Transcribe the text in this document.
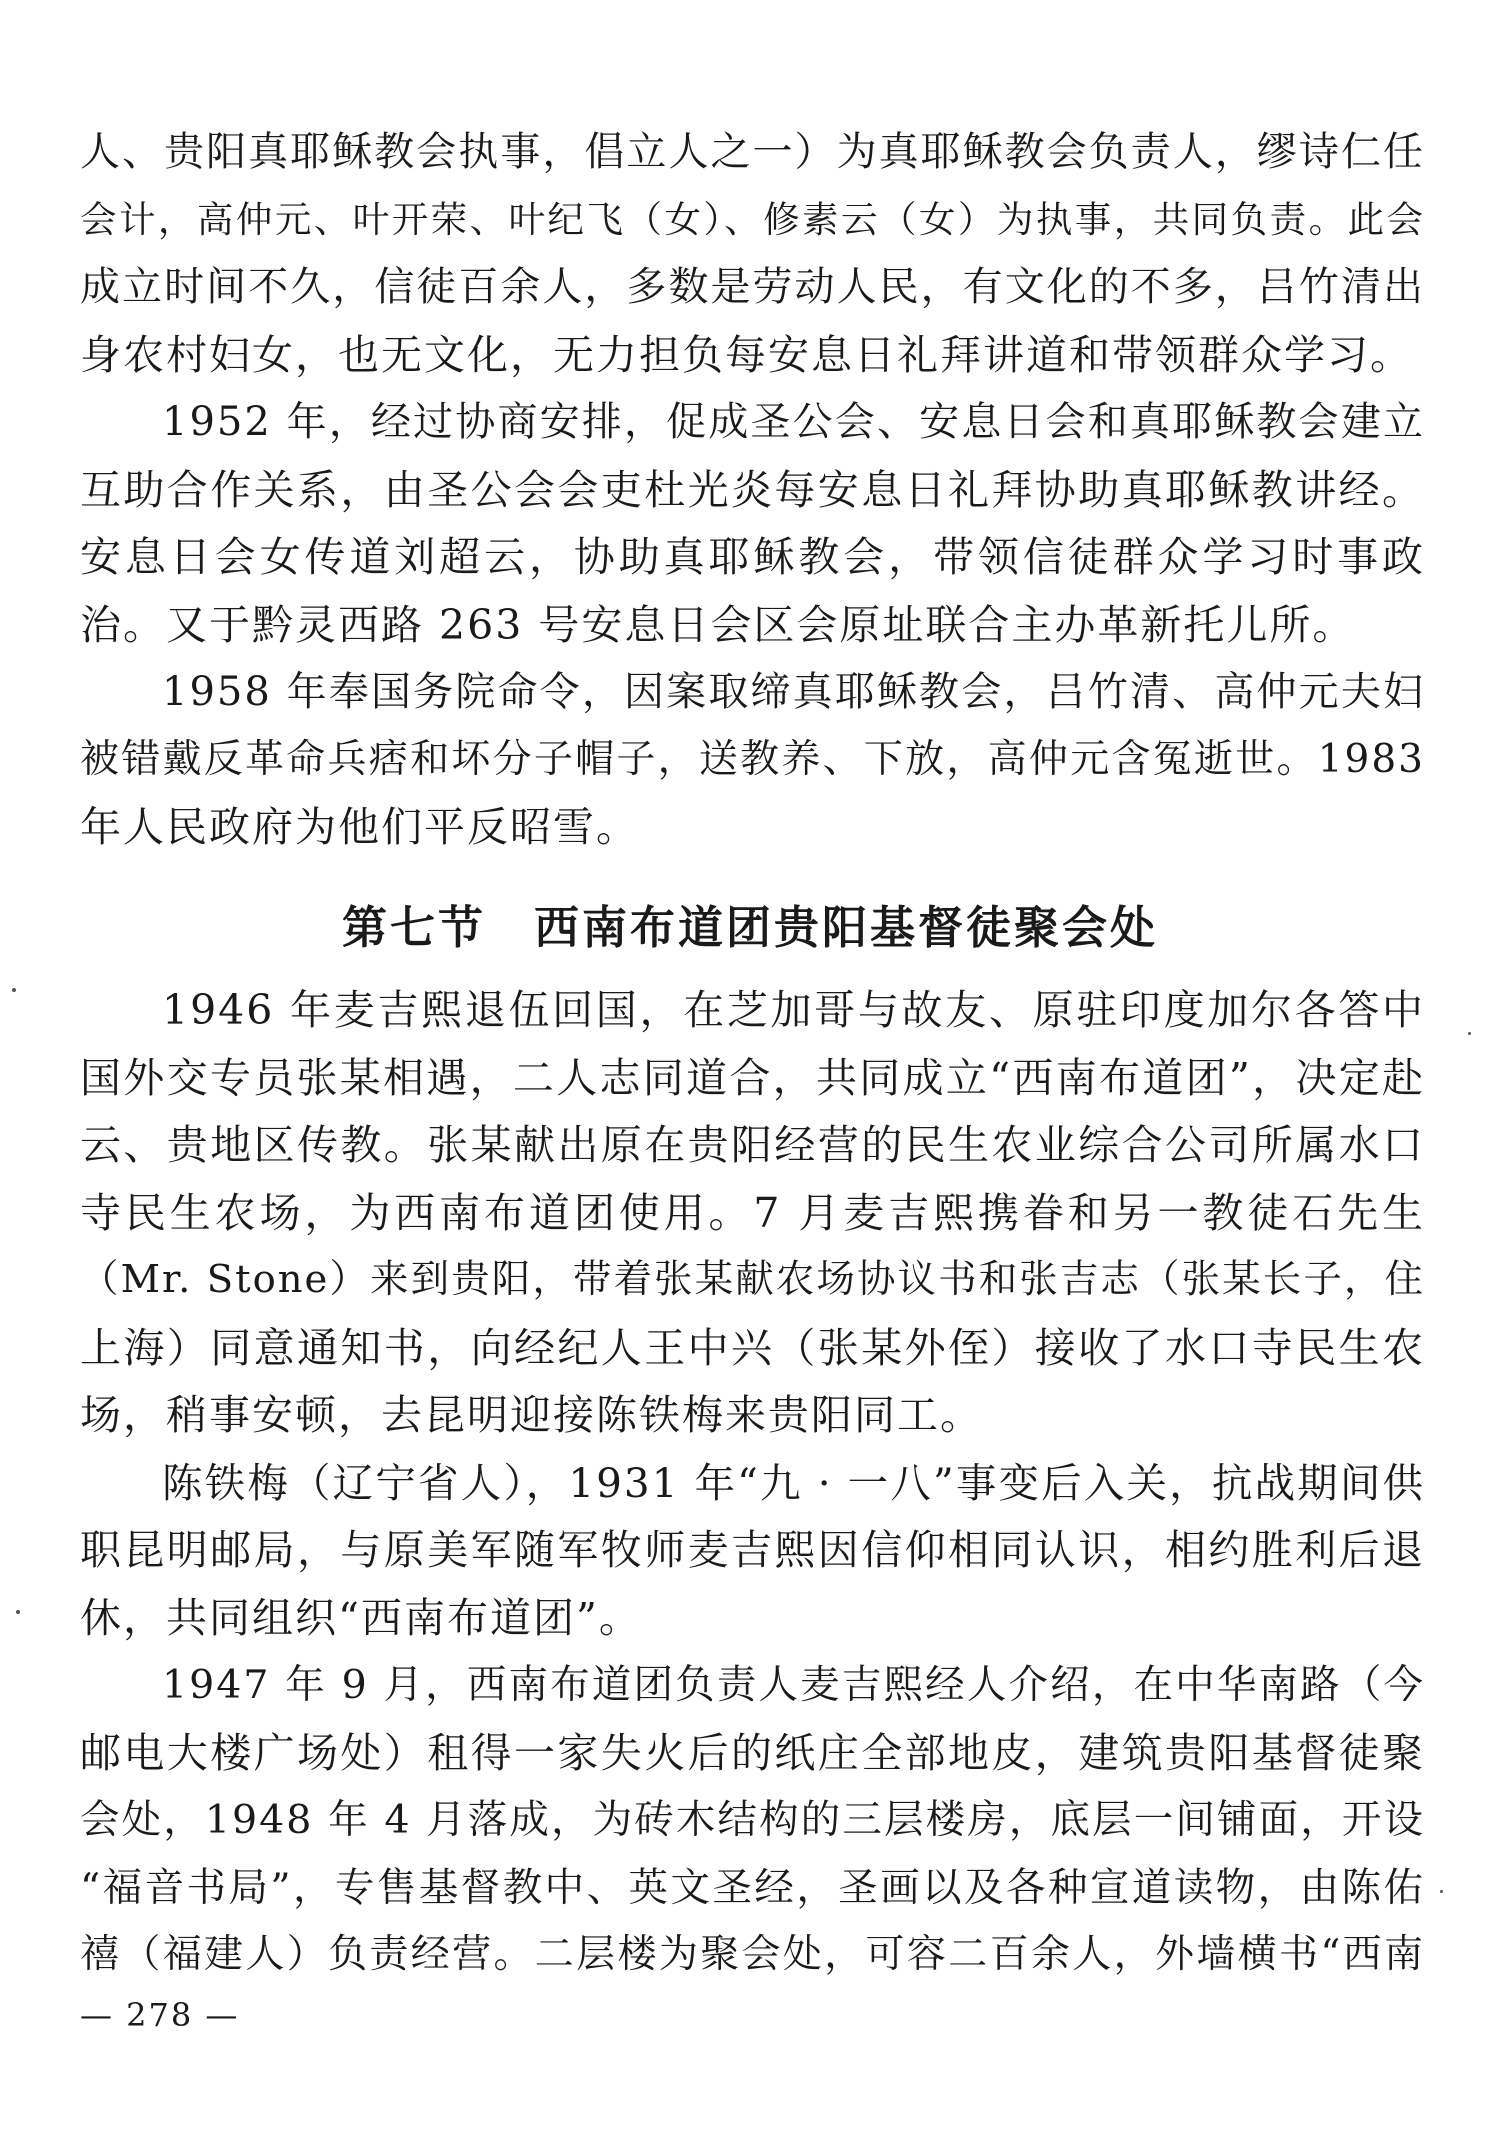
人、贵阳真耶稣教会执事，倡立人之一）为真耶稣教会负责人，缪诗仁任
会计，高仲元、叶开荣、叶纪飞（女）、修素云（女）为执事，共同负责。此会
成立时间不久，信徒百余人，多数是劳动人民，有文化的不多，吕竹清出
身农村妇女，也无文化，无力担负每安息日礼拜讲道和带领群众学习。
1952 年，经过协商安排，促成圣公会、安息日会和真耶稣教会建立
互助合作关系，由圣公会会吏杜光炎每安息日礼拜协助真耶稣教讲经。
安息日会女传道刘超云，协助真耶稣教会，带领信徒群众学习时事政
治。又于黔灵西路 263 号安息日会区会原址联合主办革新托儿所。
1958 年奉国务院命令，因案取缔真耶稣教会，吕竹清、高仲元夫妇
被错戴反革命兵痞和坏分子帽子，送教养、下放，高仲元含冤逝世。1983
年人民政府为他们平反昭雪。
第七节　西南布道团贵阳基督徒聚会处
1946 年麦吉熙退伍回国，在芝加哥与故友、原驻印度加尔各答中
国外交专员张某相遇，二人志同道合，共同成立“西南布道团”，决定赴
云、贵地区传教。张某献出原在贵阳经营的民生农业综合公司所属水口
寺民生农场，为西南布道团使用。7 月麦吉熙携眷和另一教徒石先生
（Mr. Stone）来到贵阳，带着张某献农场协议书和张吉志（张某长子，住
上海）同意通知书，向经纪人王中兴（张某外侄）接收了水口寺民生农
场，稍事安顿，去昆明迎接陈铁梅来贵阳同工。
陈铁梅（辽宁省人），1931 年“九 · 一八”事变后入关，抗战期间供
职昆明邮局，与原美军随军牧师麦吉熙因信仰相同认识，相约胜利后退
休，共同组织“西南布道团”。
1947 年 9 月，西南布道团负责人麦吉熙经人介绍，在中华南路（今
邮电大楼广场处）租得一家失火后的纸庄全部地皮，建筑贵阳基督徒聚
会处，1948 年 4 月落成，为砖木结构的三层楼房，底层一间铺面，开设
“福音书局”，专售基督教中、英文圣经，圣画以及各种宣道读物，由陈佑
禧（福建人）负责经营。二层楼为聚会处，可容二百余人，外墙横书“西南
— 278 —
